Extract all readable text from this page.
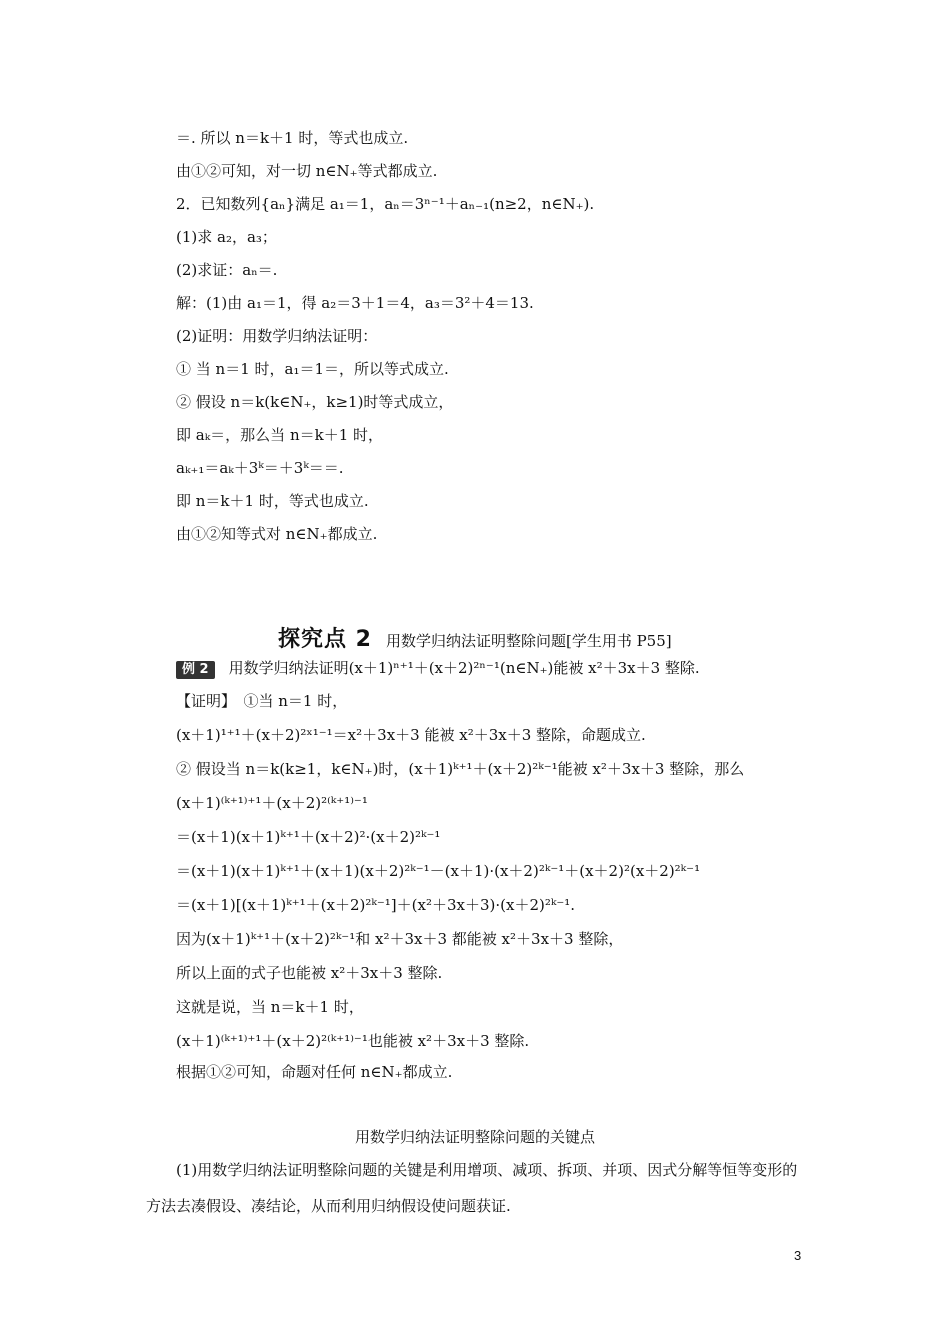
＝. 所以 n＝k＋1 时，等式也成立.
由①②可知，对一切 n∈N₊等式都成立.
2．已知数列{aₙ}满足 a₁＝1，aₙ＝3ⁿ⁻¹＋aₙ₋₁(n≥2，n∈N₊).
(1)求 a₂，a₃；
(2)求证：aₙ＝.
解：(1)由 a₁＝1，得 a₂＝3＋1＝4，a₃＝3²＋4＝13.
(2)证明：用数学归纳法证明：
① 当 n＝1 时，a₁＝1＝，所以等式成立.
② 假设 n＝k(k∈N₊，k≥1)时等式成立，
即 aₖ＝，那么当 n＝k＋1 时，
aₖ₊₁＝aₖ＋3ᵏ＝＋3ᵏ＝＝.
即 n＝k＋1 时，等式也成立.
由①②知等式对 n∈N₊都成立.
探究点 2 用数学归纳法证明整除问题[学生用书 P55]
例 2 用数学归纳法证明(x＋1)ⁿ⁺¹＋(x＋2)²ⁿ⁻¹(n∈N₊)能被 x²＋3x＋3 整除.
【证明】　①当 n＝1 时，
(x＋1)¹⁺¹＋(x＋2)²ˣ¹⁻¹＝x²＋3x＋3 能被 x²＋3x＋3 整除，命题成立.
② 假设当 n＝k(k≥1，k∈N₊)时，(x＋1)ᵏ⁺¹＋(x＋2)²ᵏ⁻¹能被 x²＋3x＋3 整除，那么
(x＋1)⁽ᵏ⁺¹⁾⁺¹＋(x＋2)²⁽ᵏ⁺¹⁾⁻¹
＝(x＋1)(x＋1)ᵏ⁺¹＋(x＋2)²·(x＋2)²ᵏ⁻¹
＝(x＋1)(x＋1)ᵏ⁺¹＋(x＋1)(x＋2)²ᵏ⁻¹－(x＋1)·(x＋2)²ᵏ⁻¹＋(x＋2)²(x＋2)²ᵏ⁻¹
＝(x＋1)[(x＋1)ᵏ⁺¹＋(x＋2)²ᵏ⁻¹]＋(x²＋3x＋3)·(x＋2)²ᵏ⁻¹.
因为(x＋1)ᵏ⁺¹＋(x＋2)²ᵏ⁻¹和 x²＋3x＋3 都能被 x²＋3x＋3 整除，
所以上面的式子也能被 x²＋3x＋3 整除.
这就是说，当 n＝k＋1 时，
(x＋1)⁽ᵏ⁺¹⁾⁺¹＋(x＋2)²⁽ᵏ⁺¹⁾⁻¹也能被 x²＋3x＋3 整除.
根据①②可知，命题对任何 n∈N₊都成立.
用数学归纳法证明整除问题的关键点
(1)用数学归纳法证明整除问题的关键是利用增项、减项、拆项、并项、因式分解等恒等变形的方法去凑假设、凑结论，从而利用归纳假设使问题获证.
3
